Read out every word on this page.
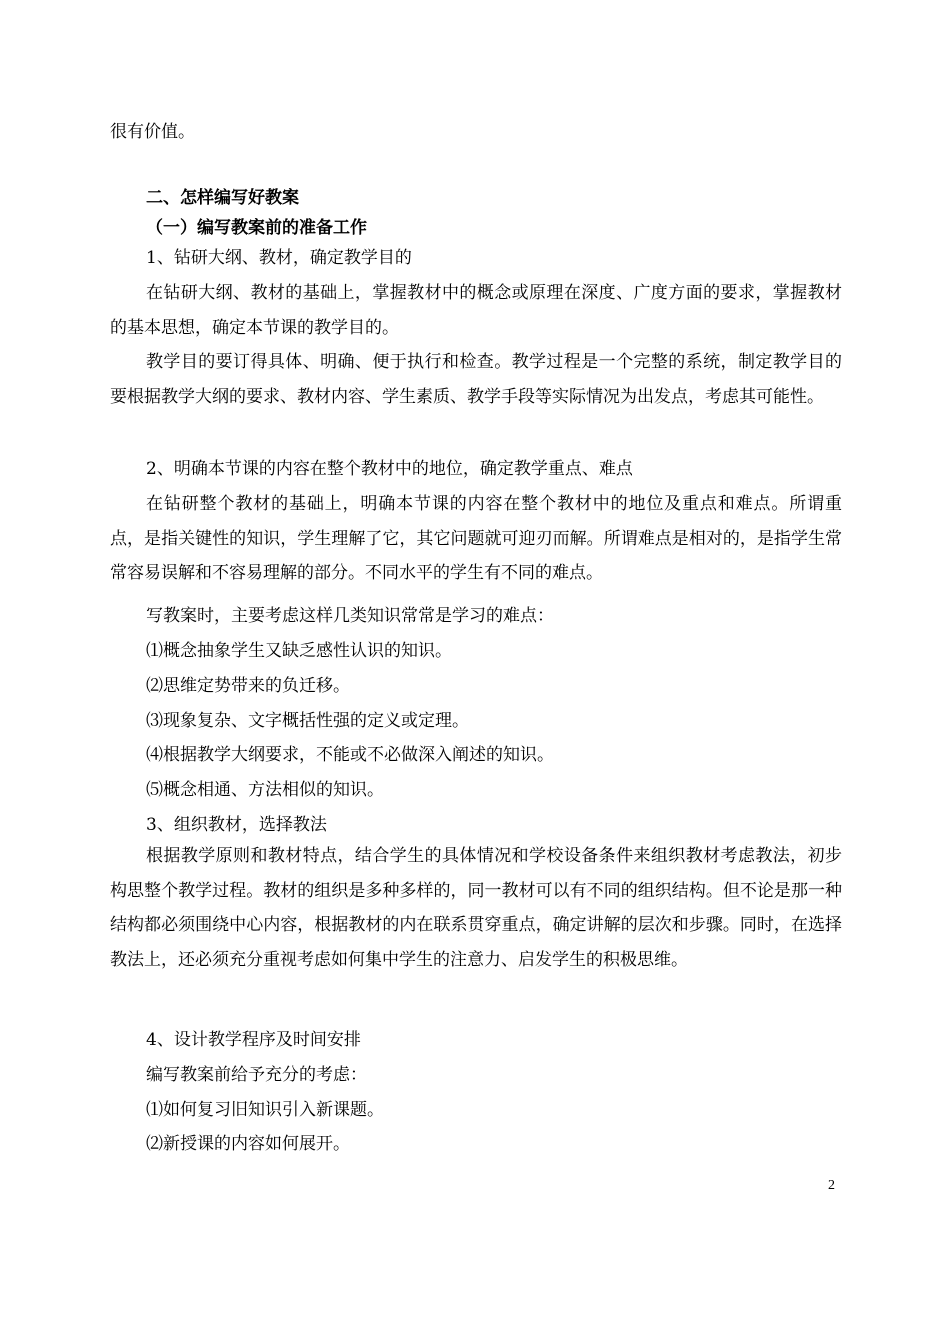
很有价值。
二、怎样编写好教案
（一）编写教案前的准备工作
1、钻研大纲、教材，确定教学目的
在钻研大纲、教材的基础上，掌握教材中的概念或原理在深度、广度方面的要求，掌握教材的基本思想，确定本节课的教学目的。
教学目的要订得具体、明确、便于执行和检查。教学过程是一个完整的系统，制定教学目的要根据教学大纲的要求、教材内容、学生素质、教学手段等实际情况为出发点，考虑其可能性。
2、明确本节课的内容在整个教材中的地位，确定教学重点、难点
在钻研整个教材的基础上，明确本节课的内容在整个教材中的地位及重点和难点。所谓重点，是指关键性的知识，学生理解了它，其它问题就可迎刃而解。所谓难点是相对的，是指学生常常容易误解和不容易理解的部分。不同水平的学生有不同的难点。
写教案时，主要考虑这样几类知识常常是学习的难点：
⑴概念抽象学生又缺乏感性认识的知识。
⑵思维定势带来的负迁移。
⑶现象复杂、文字概括性强的定义或定理。
⑷根据教学大纲要求，不能或不必做深入阐述的知识。
⑸概念相通、方法相似的知识。
3、组织教材，选择教法
根据教学原则和教材特点，结合学生的具体情况和学校设备条件来组织教材考虑教法，初步构思整个教学过程。教材的组织是多种多样的，同一教材可以有不同的组织结构。但不论是那一种结构都必须围绕中心内容，根据教材的内在联系贯穿重点，确定讲解的层次和步骤。同时，在选择教法上，还必须充分重视考虑如何集中学生的注意力、启发学生的积极思维。
4、设计教学程序及时间安排
编写教案前给予充分的考虑：
⑴如何复习旧知识引入新课题。
⑵新授课的内容如何展开。
2
